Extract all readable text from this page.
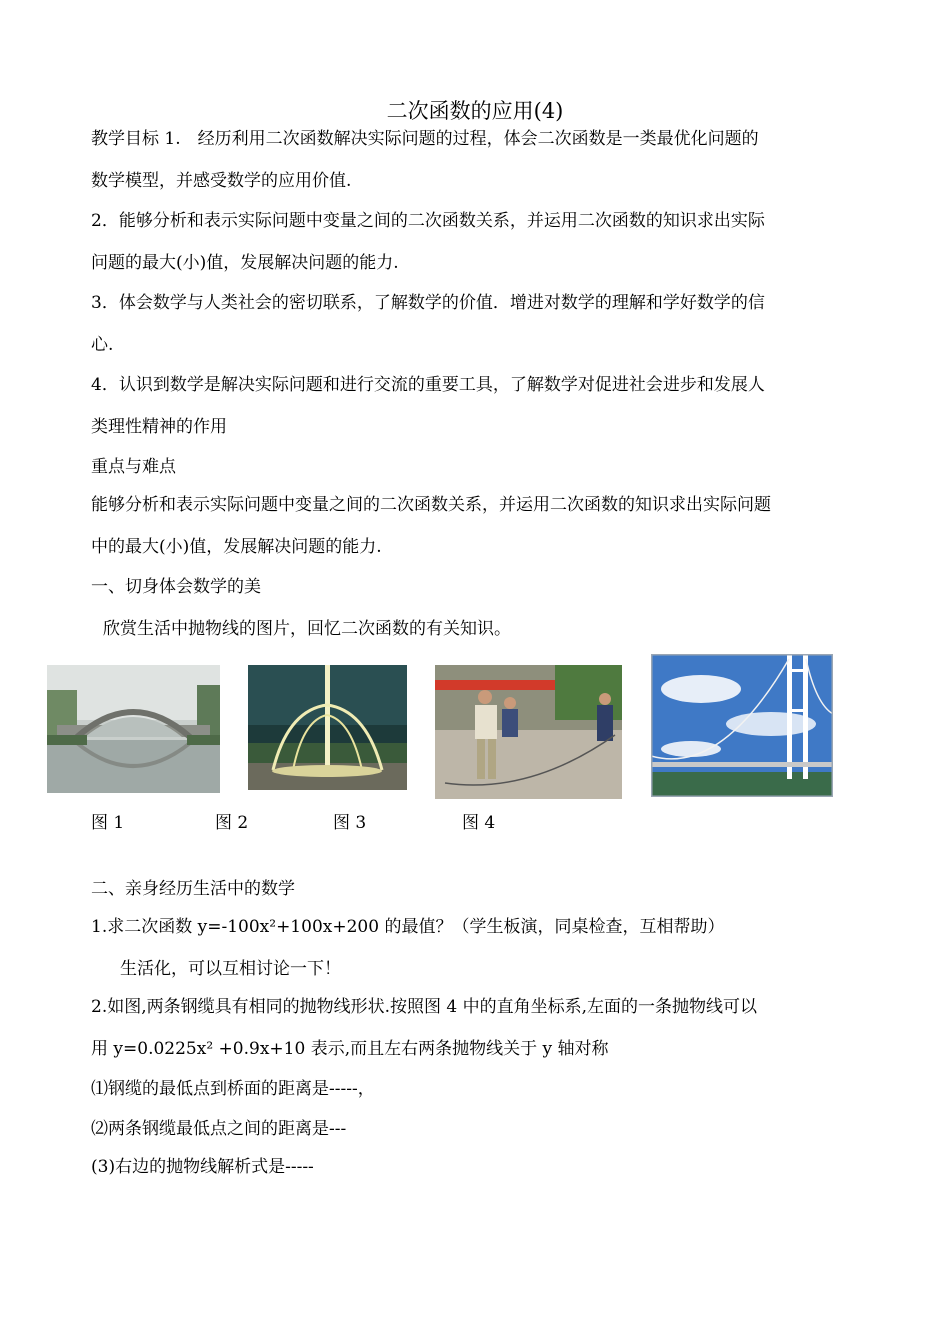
二次函数的应用(4)
教学目标 1.　经历利用二次函数解决实际问题的过程，体会二次函数是一类最优化问题的
数学模型，并感受数学的应用价值.
2．能够分析和表示实际问题中变量之间的二次函数关系，并运用二次函数的知识求出实际
问题的最大(小)值，发展解决问题的能力.
3．体会数学与人类社会的密切联系，了解数学的价值．增进对数学的理解和学好数学的信
心.
4．认识到数学是解决实际问题和进行交流的重要工具，了解数学对促进社会进步和发展人
类理性精神的作用
重点与难点
能够分析和表示实际问题中变量之间的二次函数关系，并运用二次函数的知识求出实际问题
中的最大(小)值，发展解决问题的能力.
一、切身体会数学的美
欣赏生活中抛物线的图片，回忆二次函数的有关知识。
图 1	图 2	图 3	图 4
二、亲身经历生活中的数学
1.求二次函数 y=-100x²+100x+200 的最值？（学生板演，同桌检查，互相帮助）
生活化，可以互相讨论一下！
2.如图,两条钢缆具有相同的抛物线形状.按照图 4 中的直角坐标系,左面的一条抛物线可以
用 y=0.0225x² +0.9x+10 表示,而且左右两条抛物线关于 y 轴对称
⑴钢缆的最低点到桥面的距离是-----，
⑵两条钢缆最低点之间的距离是---
(3)右边的抛物线解析式是-----
